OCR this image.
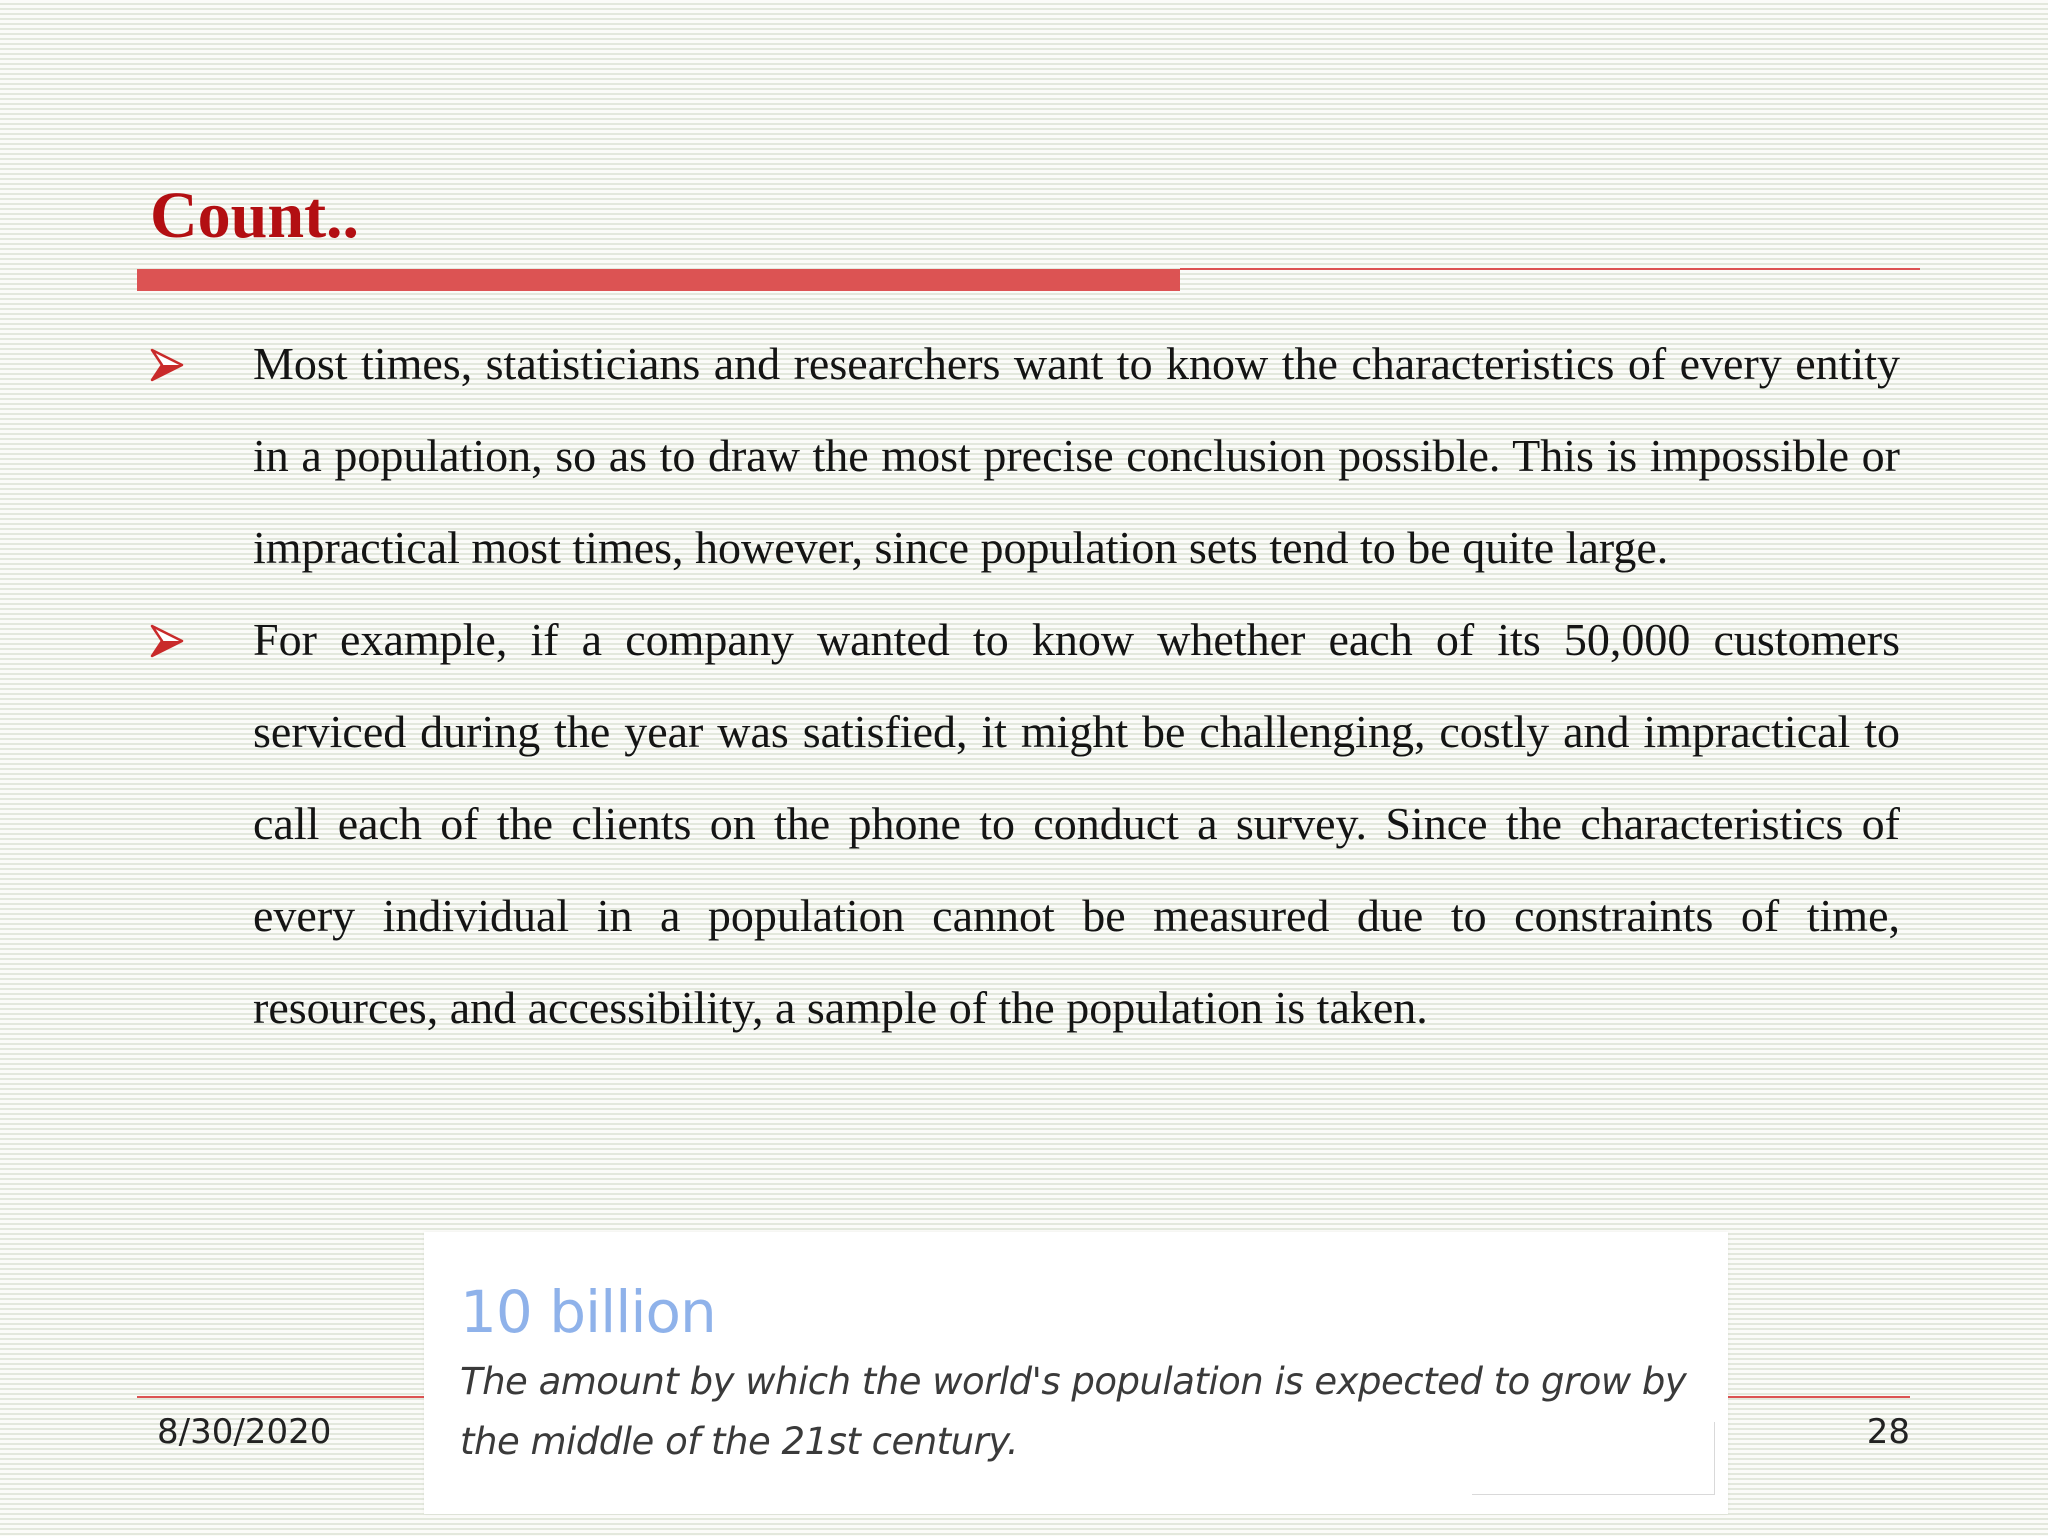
Count..
Most times, statisticians and researchers want to know the characteristics of every entity in a population, so as to draw the most precise conclusion possible. This is impossible or impractical most times, however, since population sets tend to be quite large.
For example, if a company wanted to know whether each of its 50,000 customers serviced during the year was satisfied, it might be challenging, costly and impractical to call each of the clients on the phone to conduct a survey. Since the characteristics of every individual in a population cannot be measured due to constraints of time, resources, and accessibility, a sample of the population is taken.
8/30/2020	28
10 billion
The amount by which the world's population is expected to grow by the middle of the 21st century.
